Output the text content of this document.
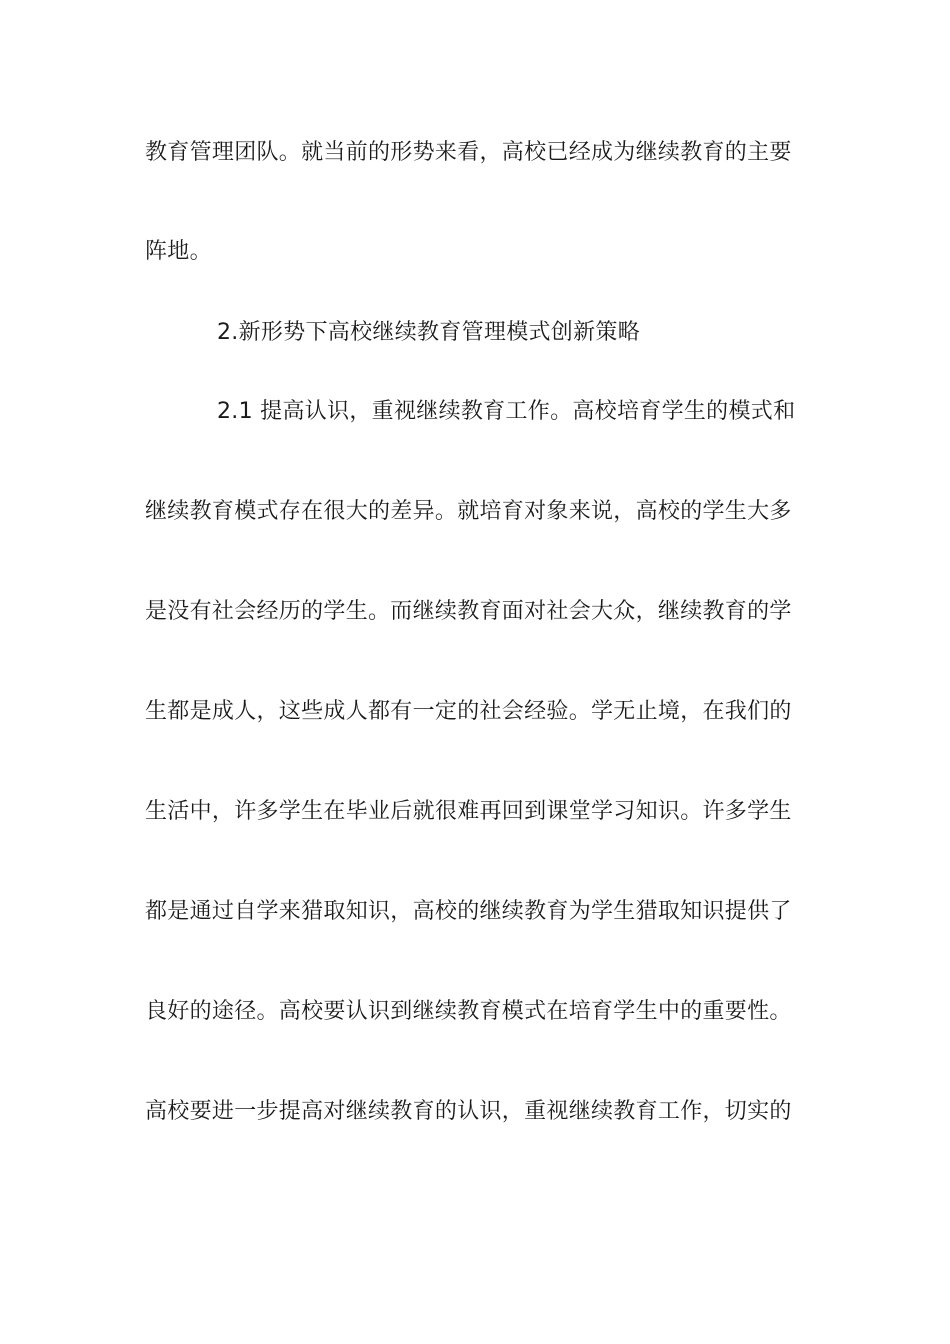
教育管理团队。就当前的形势来看，高校已经成为继续教育的主要
阵地。
2.新形势下高校继续教育管理模式创新策略
2.1 提高认识，重视继续教育工作。高校培育学生的模式和
继续教育模式存在很大的差异。就培育对象来说，高校的学生大多
是没有社会经历的学生。而继续教育面对社会大众，继续教育的学
生都是成人，这些成人都有一定的社会经验。学无止境，在我们的
生活中，许多学生在毕业后就很难再回到课堂学习知识。许多学生
都是通过自学来猎取知识，高校的继续教育为学生猎取知识提供了
良好的途径。高校要认识到继续教育模式在培育学生中的重要性。
高校要进一步提高对继续教育的认识，重视继续教育工作，切实的
